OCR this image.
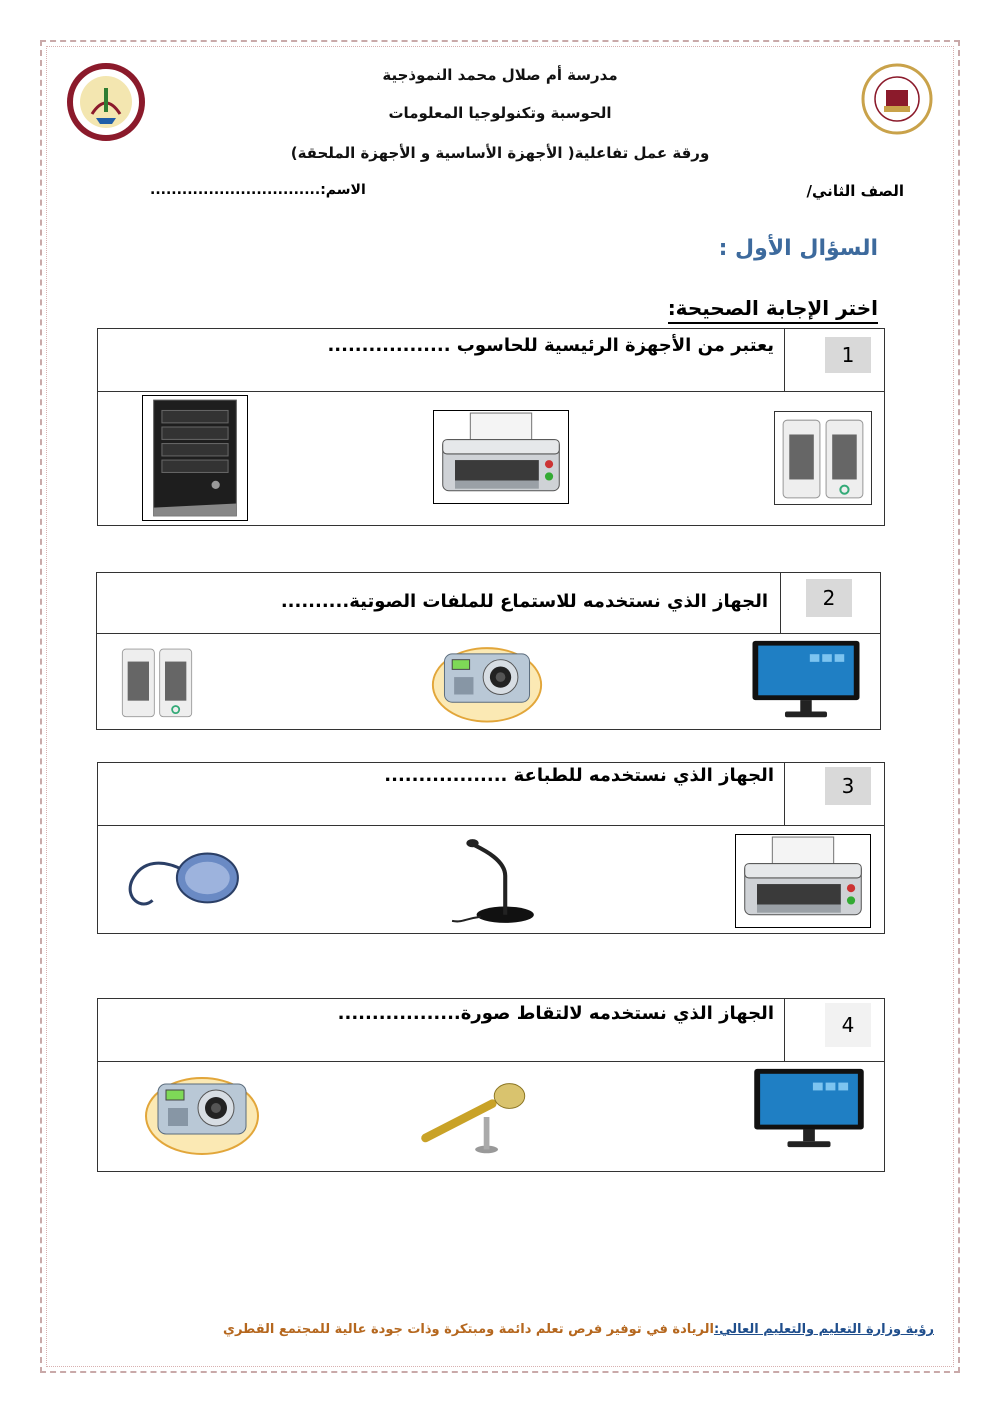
مدرسة أم صلال محمد النموذجية
الحوسبة وتكنولوجيا المعلومات
ورقة عمل تفاعلية( الأجهزة الأساسية و الأجهزة الملحقة)
الصف الثاني/
الاسم:................................
السؤال الأول :
اختر الإجابة الصحيحة:
1
يعتبر من الأجهزة الرئيسية للحاسوب ..................
2
الجهاز الذي نستخدمه للاستماع للملفات الصوتية..........
3
الجهاز الذي نستخدمه للطباعة ..................
4
الجهاز الذي نستخدمه لالتقاط صورة..................
رؤية وزارة التعليم والتعليم العالي:الريادة في توفير فرص تعلم دائمة ومبتكرة وذات جودة عالية للمجتمع القطري
